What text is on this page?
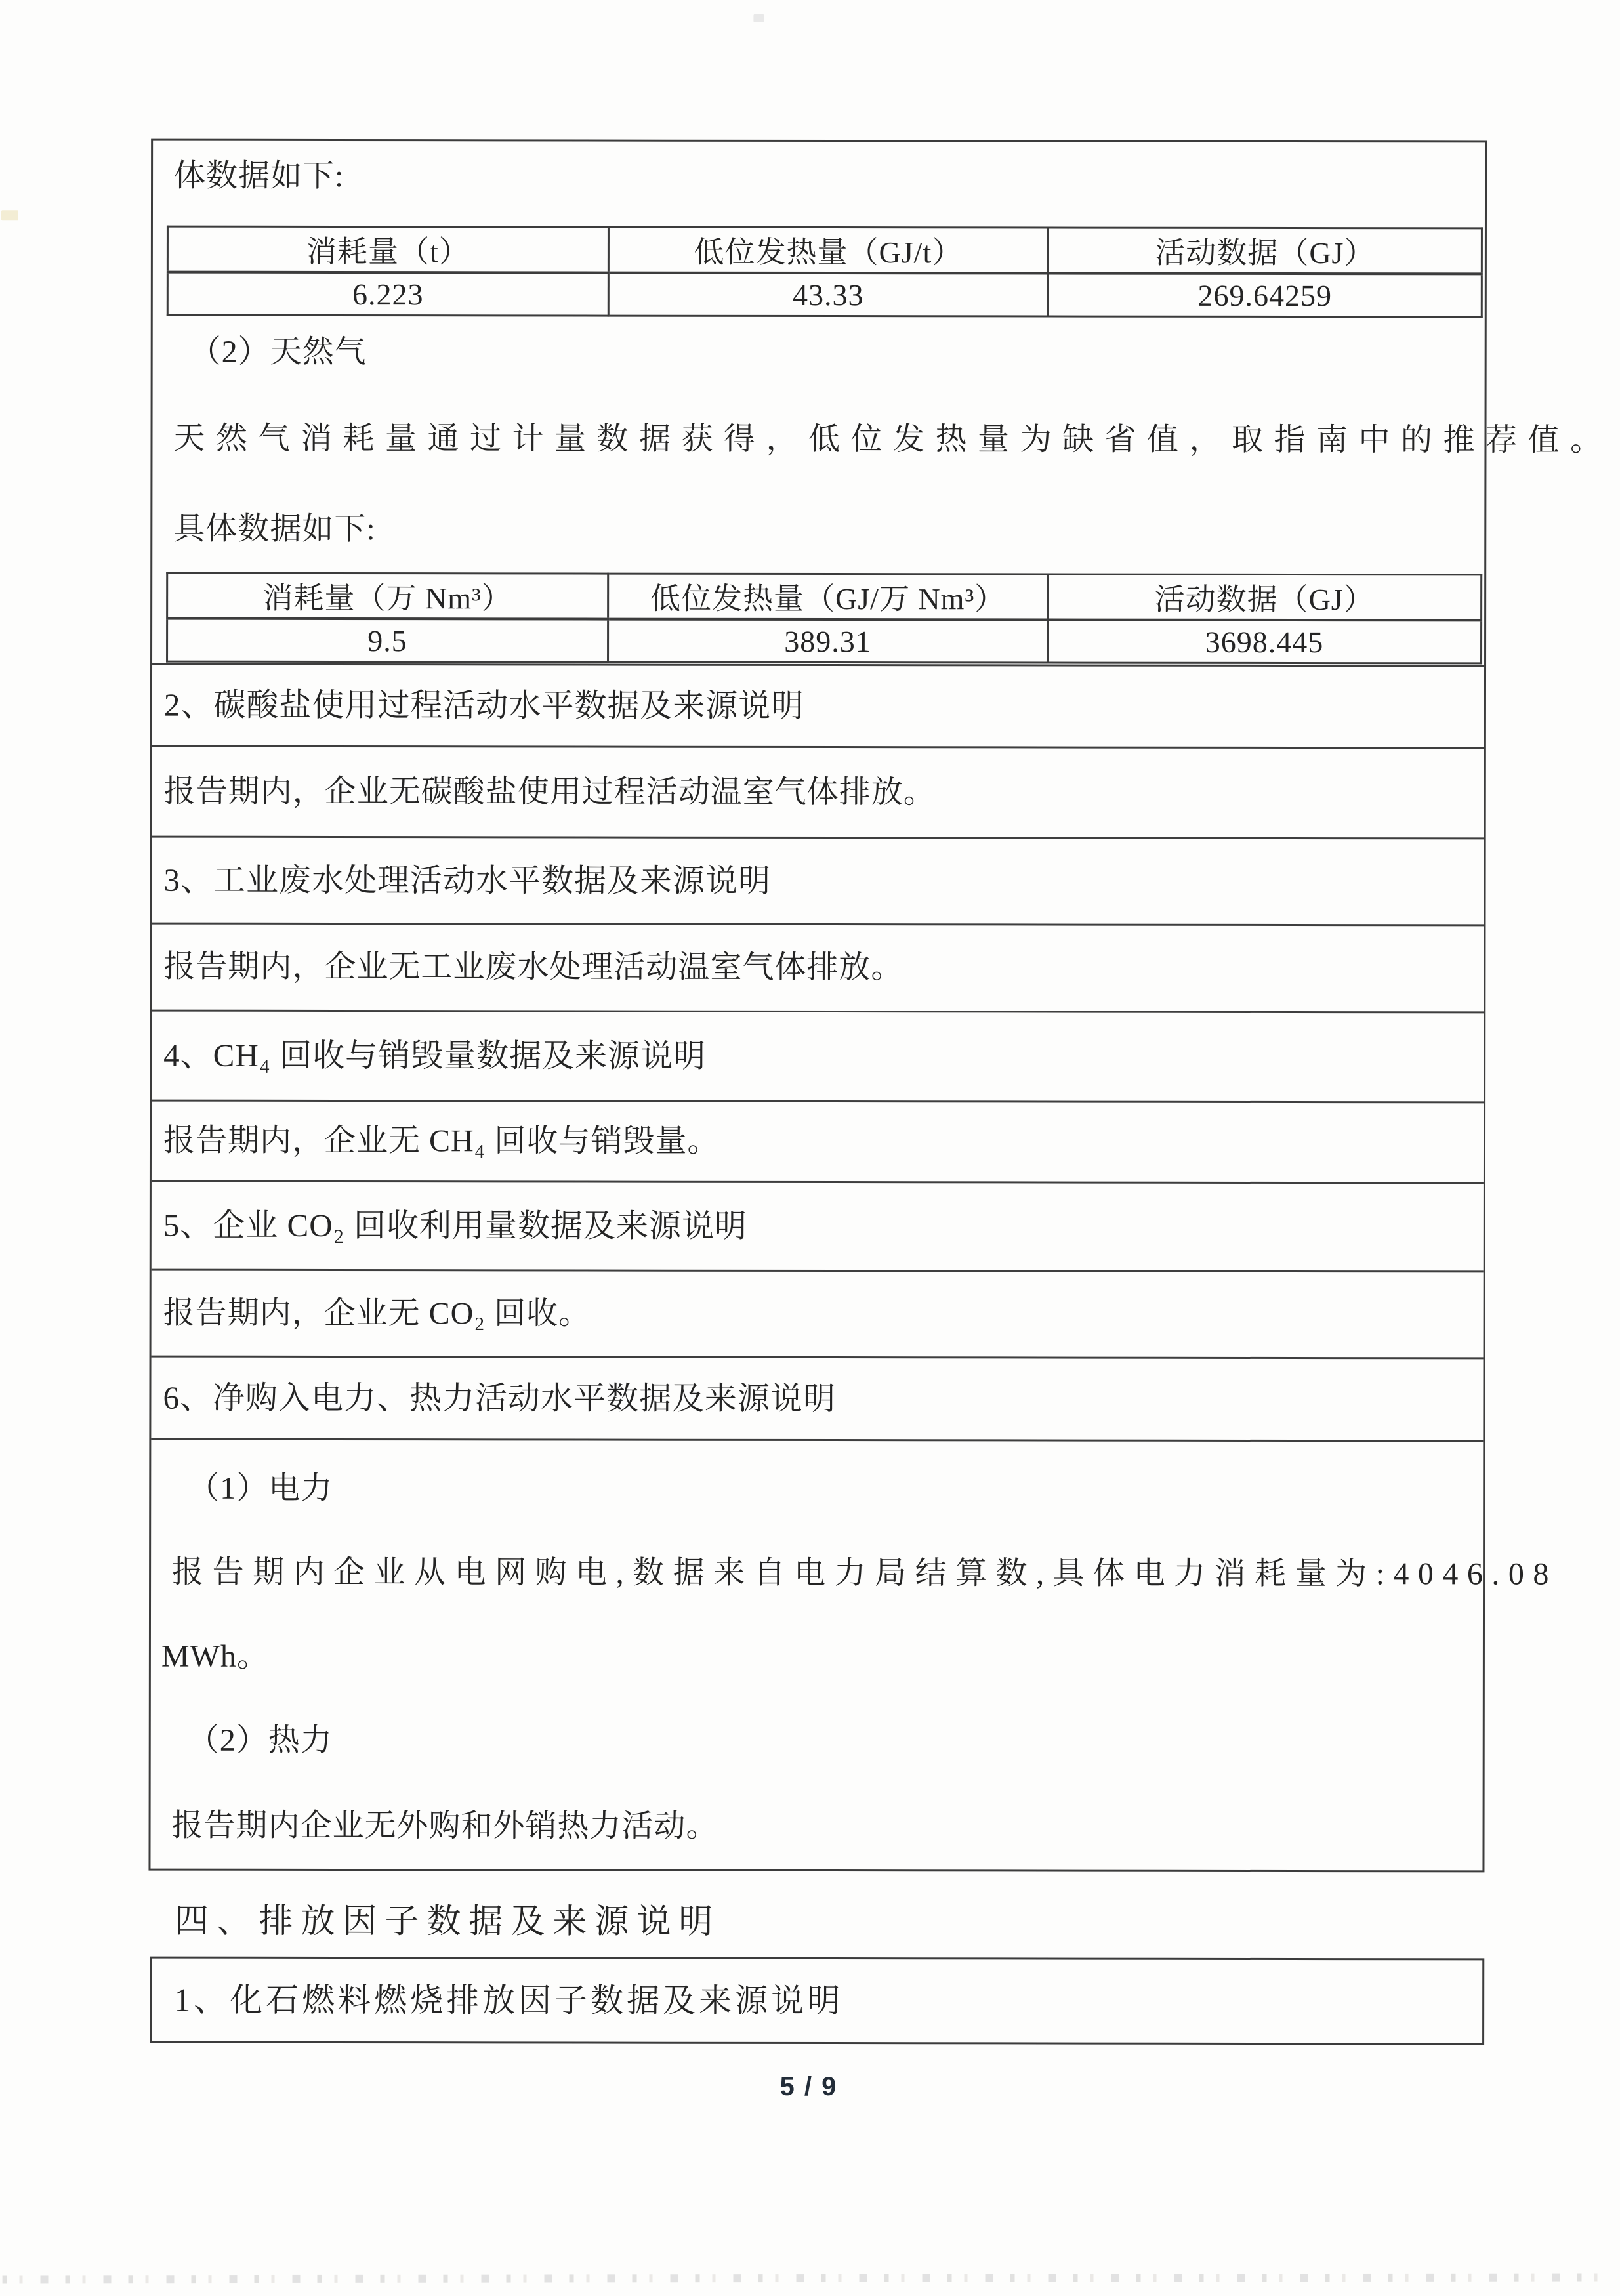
体数据如下:

消耗量（t）	低位发热量（GJ/t）	活动数据（GJ）
6.223	43.33	269.64259

（2）天然气

天然气消耗量通过计量数据获得，低位发热量为缺省值，取指南中的推荐值。

具体数据如下:

消耗量（万 Nm³）	低位发热量（GJ/万 Nm³）	活动数据（GJ）
9.5	389.31	3698.445
2、碳酸盐使用过程活动水平数据及来源说明
报告期内，企业无碳酸盐使用过程活动温室气体排放。
3、工业废水处理活动水平数据及来源说明
报告期内，企业无工业废水处理活动温室气体排放。
4、CH₄ 回收与销毁量数据及来源说明
报告期内，企业无 CH₄ 回收与销毁量。
5、企业 CO₂ 回收利用量数据及来源说明
报告期内，企业无 CO₂ 回收。
6、净购入电力、热力活动水平数据及来源说明

（1）电力

报告期内企业从电网购电,数据来自电力局结算数,具体电力消耗量为:4046.08

MWh。

（2）热力

报告期内企业无外购和外销热力活动。

四、排放因子数据及来源说明
1、化石燃料燃烧排放因子数据及来源说明

5 / 9
